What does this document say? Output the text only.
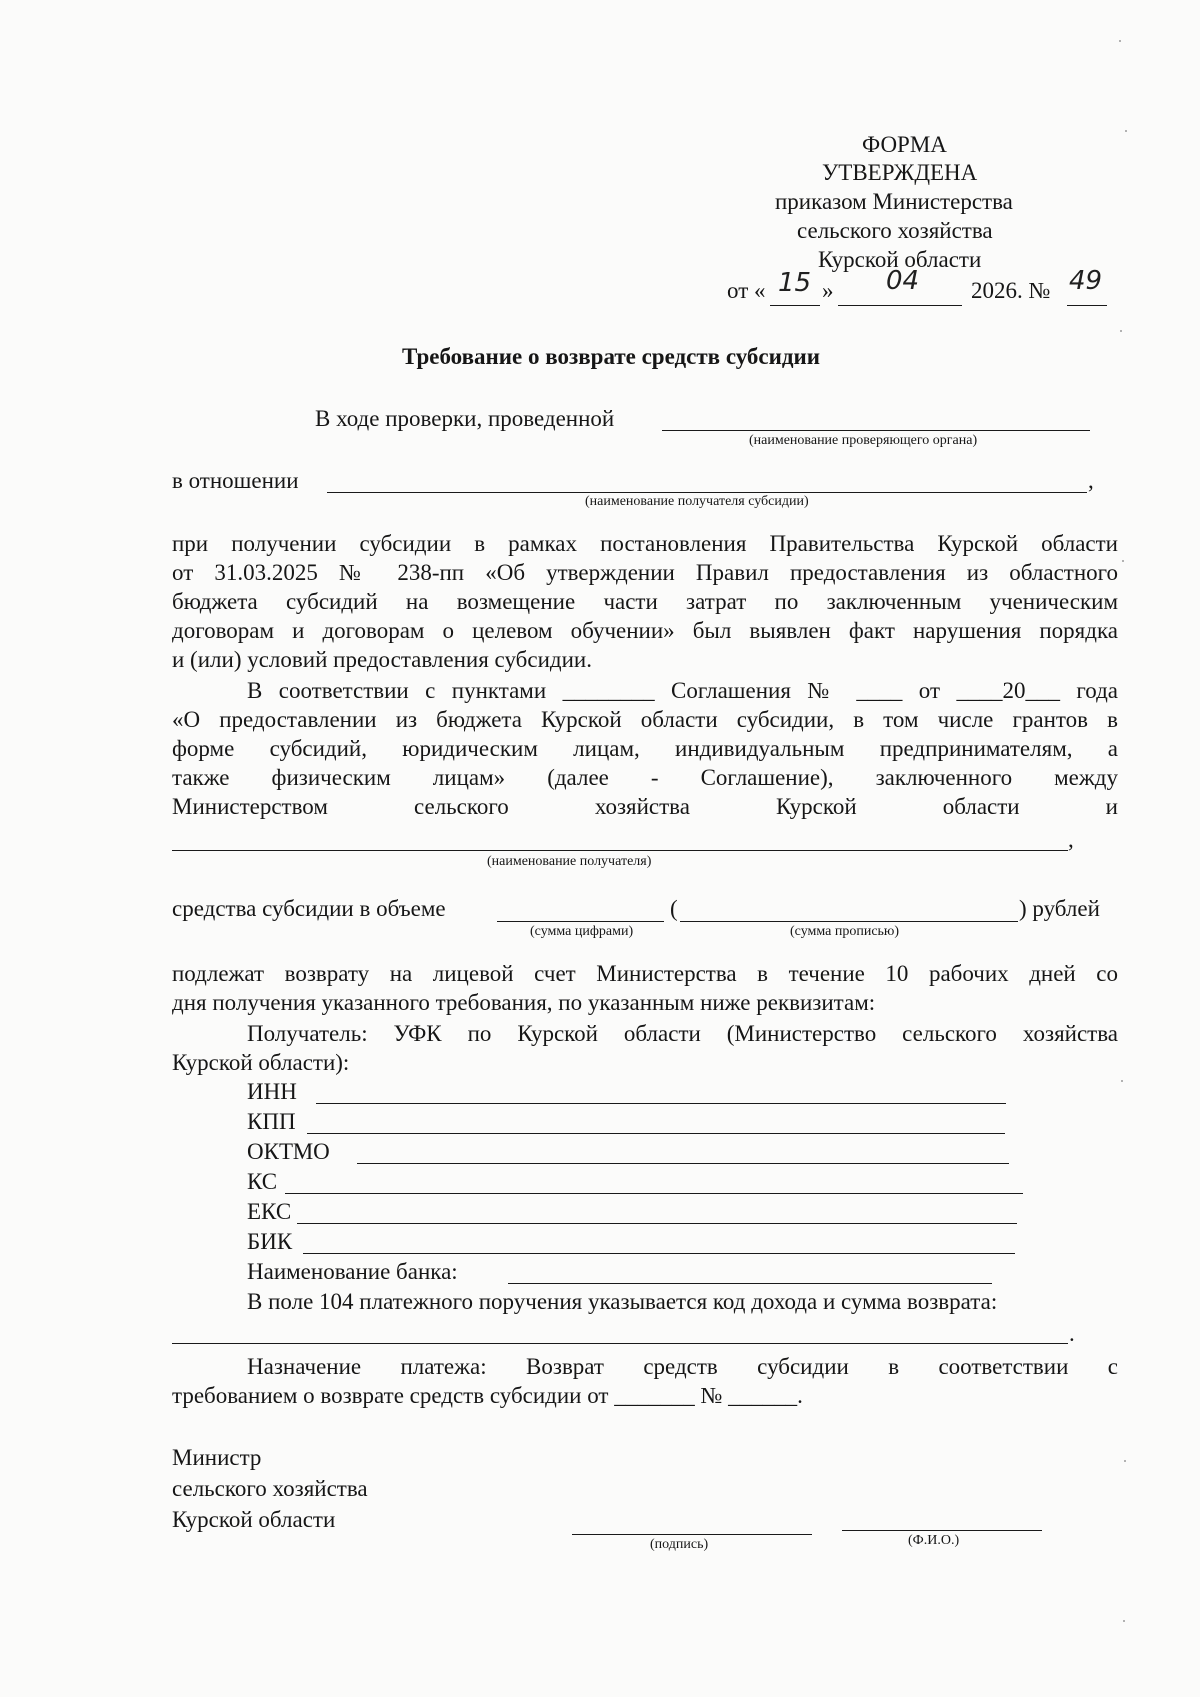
ФОРМА
УТВЕРЖДЕНА
приказом Министерства
сельского хозяйства
Курской области
от « 15 » 04 2026. № 49
Требование о возврате средств субсидии
В ходе проверки, проведенной
(наименование проверяющего органа)
в отношении	,
(наименование получателя субсидии)
при получении субсидии в рамках постановления Правительства Курской области
от 31.03.2025 № 238-пп «Об утверждении Правил предоставления из областного
бюджета субсидий на возмещение части затрат по заключенным ученическим
договорам и договорам о целевом обучении» был выявлен факт нарушения порядка
и (или) условий предоставления субсидии.
В соответствии с пунктами ________ Соглашения № ____ от ____20___ года
«О предоставлении из бюджета Курской области субсидии, в том числе грантов в
форме субсидий, юридическим лицам, индивидуальным предпринимателям, а
также физическим лицам» (далее - Соглашение), заключенного между
Министерством сельского хозяйства Курской области и
,
(наименование получателя)
средства субсидии в объеме	(	) рублей
(сумма цифрами)	(сумма прописью)
подлежат возврату на лицевой счет Министерства в течение 10 рабочих дней со
дня получения указанного требования, по указанным ниже реквизитам:
Получатель: УФК по Курской области (Министерство сельского хозяйства
Курской области):
ИНН
КПП
ОКТМО
КС
ЕКС
БИК
Наименование банка:
В поле 104 платежного поручения указывается код дохода и сумма возврата:
.
Назначение платежа: Возврат средств субсидии в соответствии с
требованием о возврате средств субсидии от _______ № ______.
Министр
сельского хозяйства
Курской области
(подпись)	(Ф.И.О.)
